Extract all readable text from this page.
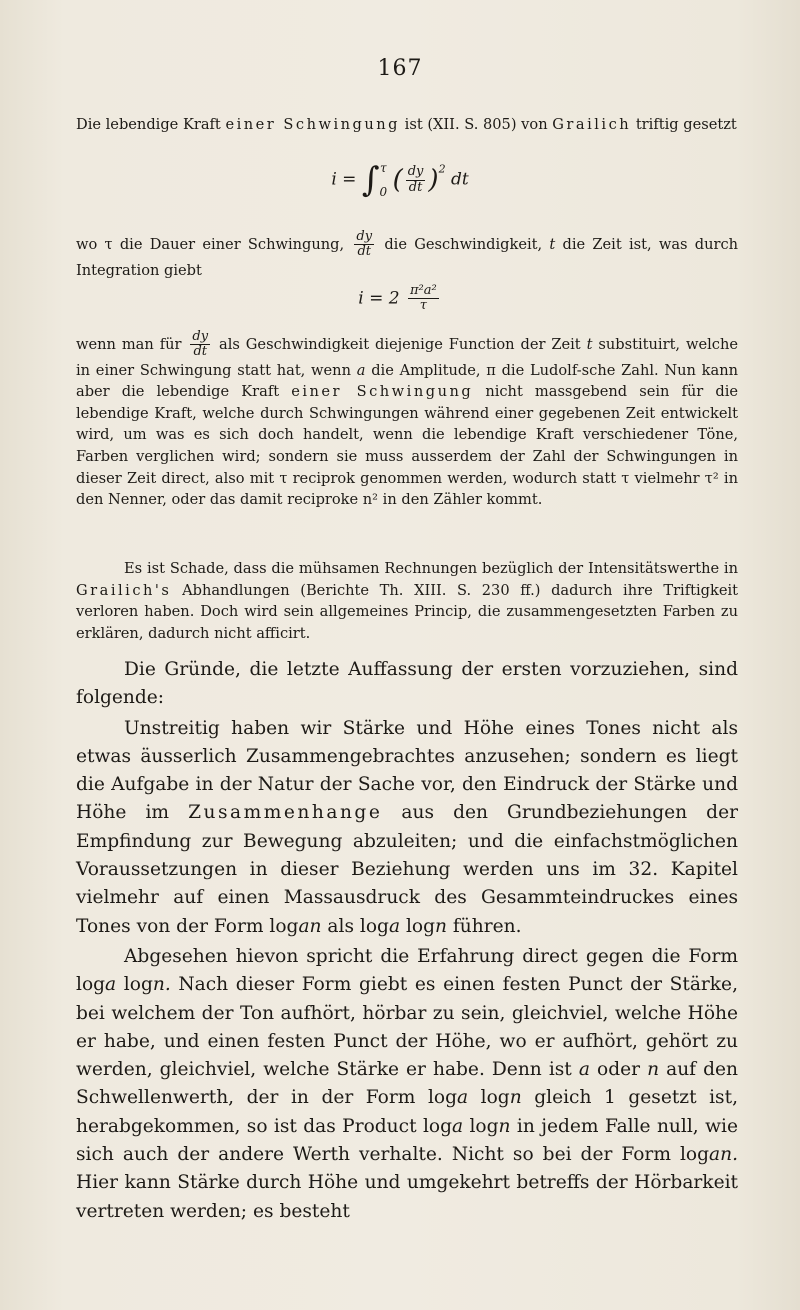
167

Die lebendige Kraft einer Schwingung ist (XII. S. 805) von Grailich triftig gesetzt

i = ∫ τ
0 ( $\frac{dy}{dt} )^2$ dt

wo τ die Dauer einer Schwingung, $\frac{dy}{dt}$ die Geschwindigkeit, t die Zeit ist, was durch Integration giebt

$i = 2 \frac{\text{π²a²}}{\tau}$

wenn man für $\frac{dy}{dt}$ als Geschwindigkeit diejenige Function der Zeit t substituirt, welche in einer Schwingung statt hat, wenn a die Amplitude, π die Ludolf-sche Zahl. Nun kann aber die lebendige Kraft einer Schwingung nicht massgebend sein für die lebendige Kraft, welche durch Schwingungen während einer gegebenen Zeit entwickelt wird, um was es sich doch handelt, wenn die lebendige Kraft verschiedener Töne, Farben verglichen wird; sondern sie muss ausserdem der Zahl der Schwingungen in dieser Zeit direct, also mit τ reciprok genommen werden, wodurch statt τ vielmehr τ² in den Nenner, oder das damit reciproke n² in den Zähler kommt.

Es ist Schade, dass die mühsamen Rechnungen bezüglich der Intensitätswerthe in Grailich's Abhandlungen (Berichte Th. XIII. S. 230 ff.) dadurch ihre Triftigkeit verloren haben. Doch wird sein allgemeines Princip, die zusammengesetzten Farben zu erklären, dadurch nicht afficirt.

Die Gründe, die letzte Auffassung der ersten vorzuziehen, sind folgende:

Unstreitig haben wir Stärke und Höhe eines Tones nicht als etwas äusserlich Zusammengebrachtes anzusehen; sondern es liegt die Aufgabe in der Natur der Sache vor, den Eindruck der Stärke und Höhe im Zusammenhange aus den Grundbeziehungen der Empfindung zur Bewegung abzuleiten; und die einfachstmöglichen Voraussetzungen in dieser Beziehung werden uns im 32. Kapitel vielmehr auf einen Massausdruck des Gesammteindruckes eines Tones von der Form logan als loga logn führen.

Abgesehen hievon spricht die Erfahrung direct gegen die Form loga logn. Nach dieser Form giebt es einen festen Punct der Stärke, bei welchem der Ton aufhört, hörbar zu sein, gleichviel, welche Höhe er habe, und einen festen Punct der Höhe, wo er aufhört, gehört zu werden, gleichviel, welche Stärke er habe. Denn ist a oder n auf den Schwellenwerth, der in der Form loga logn gleich 1 gesetzt ist, herabgekommen, so ist das Product loga logn in jedem Falle null, wie sich auch der andere Werth verhalte. Nicht so bei der Form logan. Hier kann Stärke durch Höhe und umgekehrt betreffs der Hörbarkeit vertreten werden; es besteht
